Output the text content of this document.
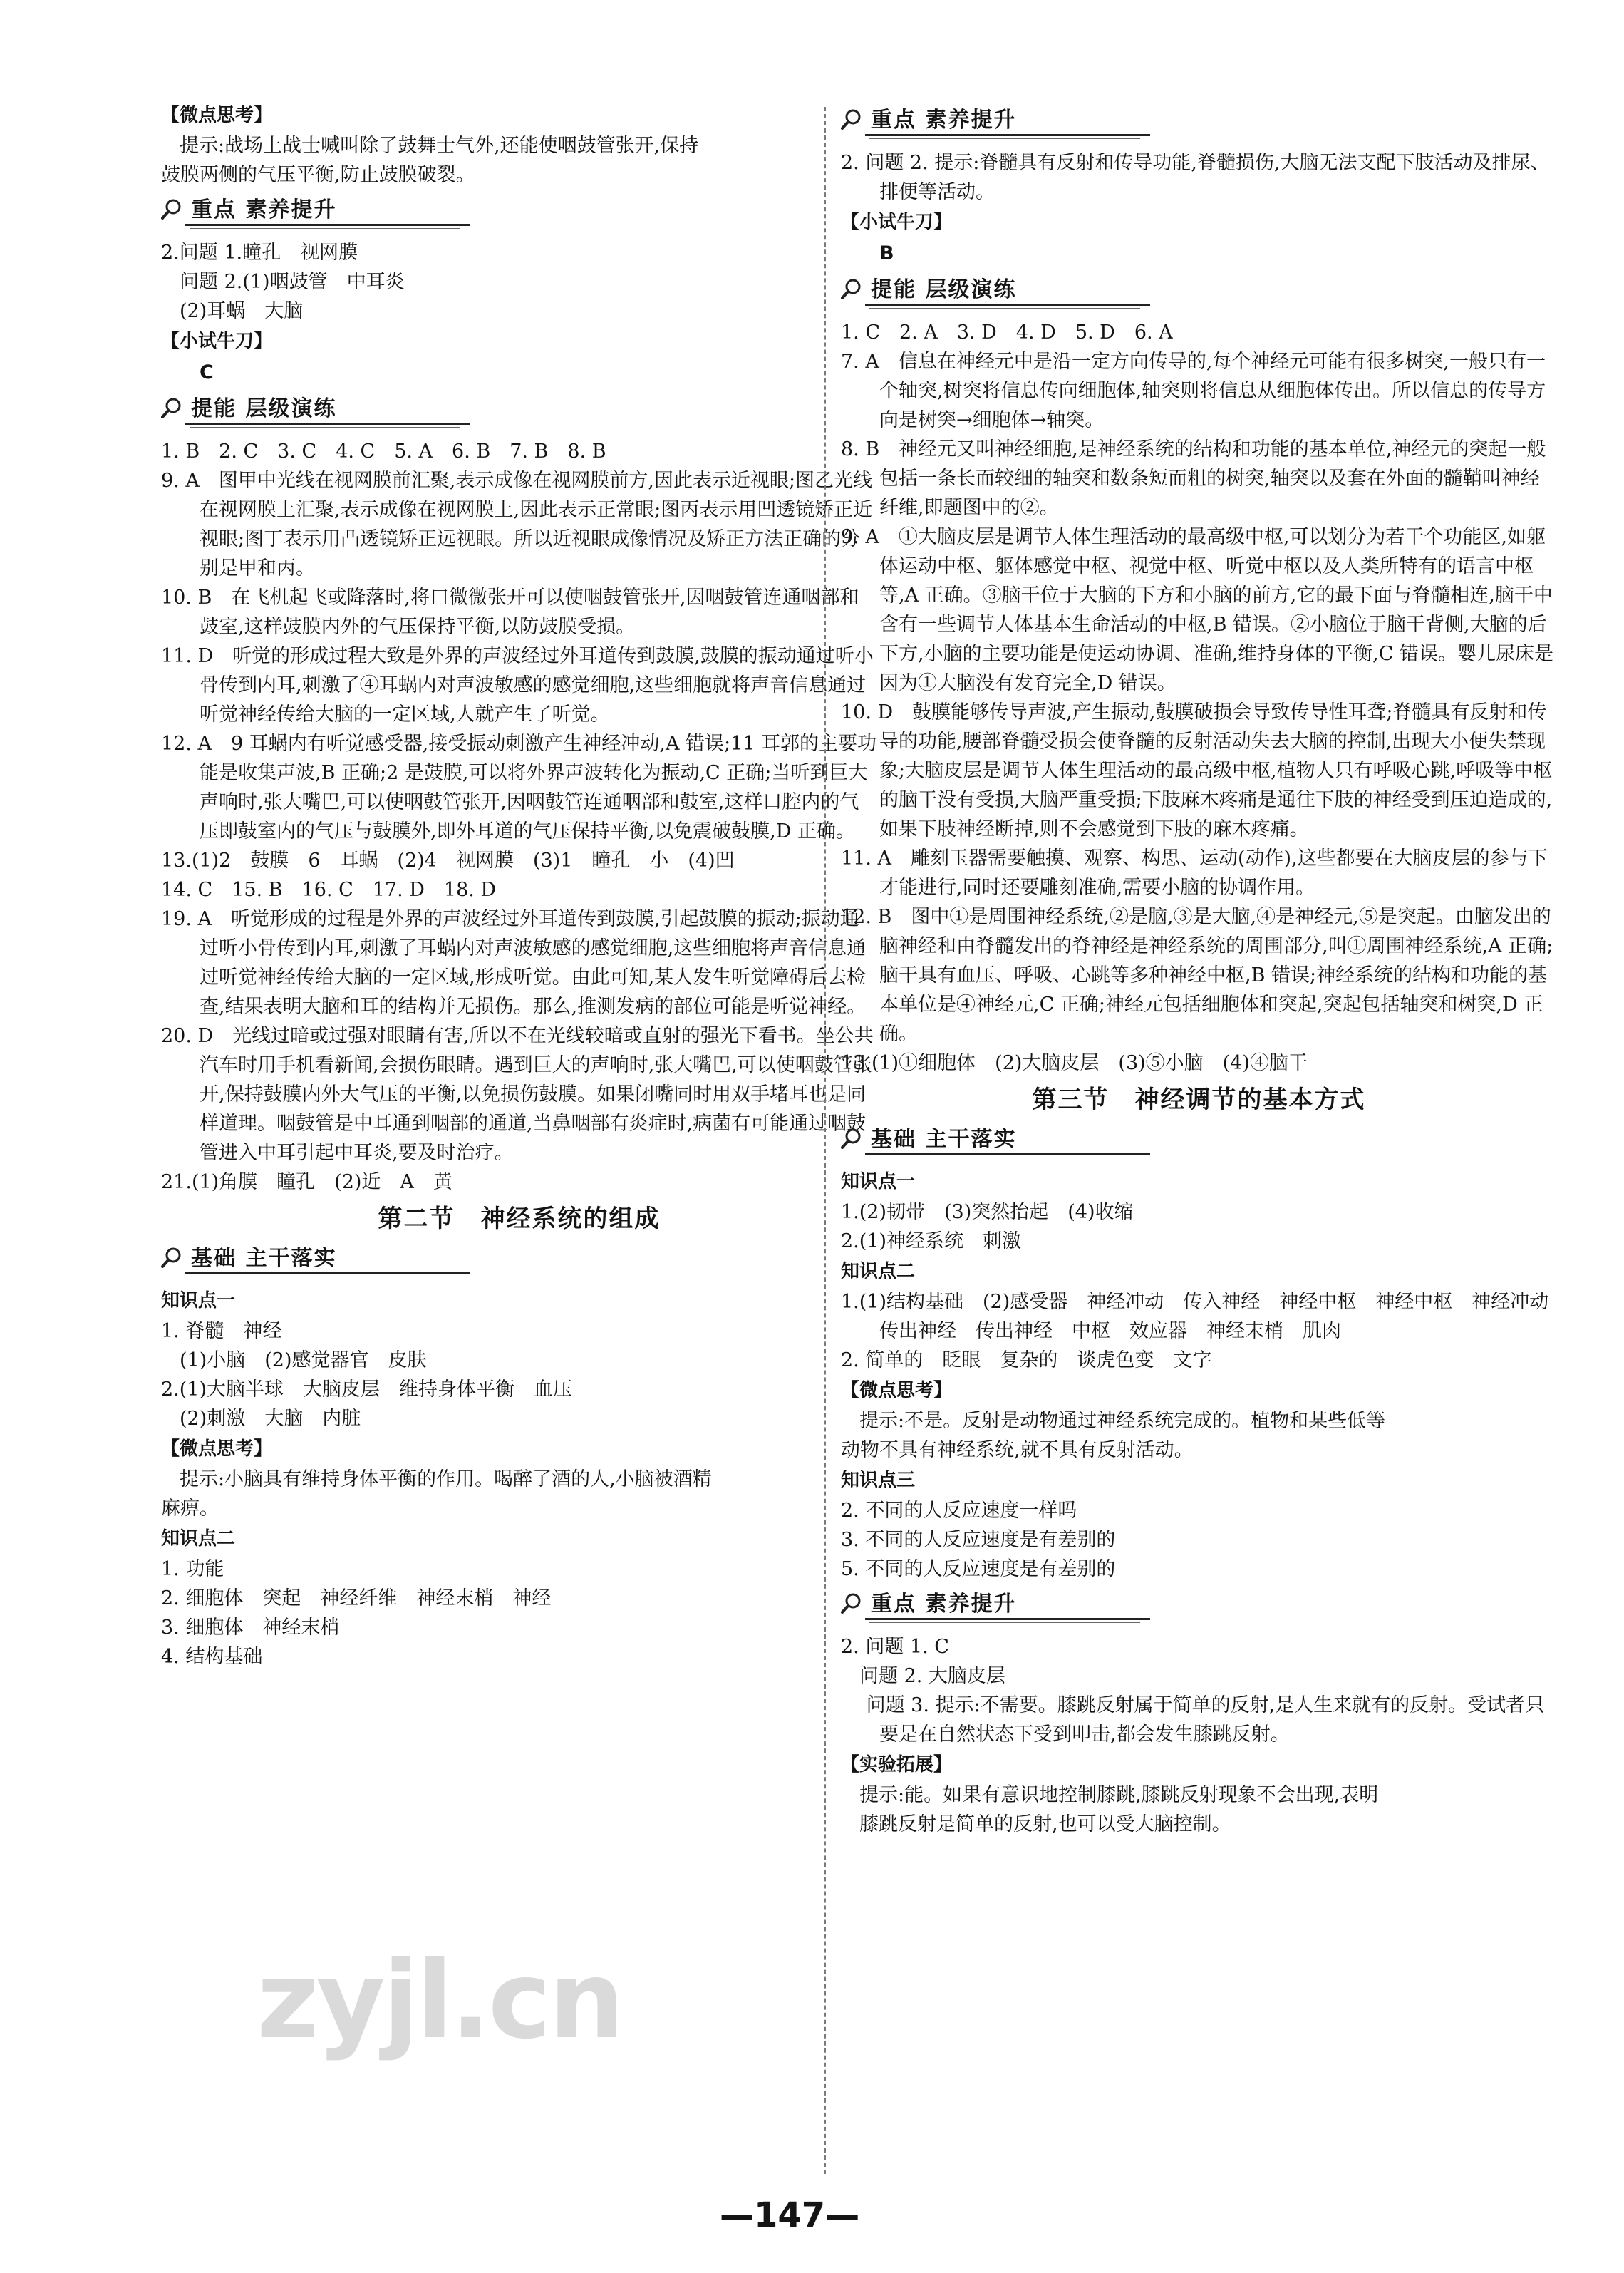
【微点思考】
提示:战场上战士喊叫除了鼓舞士气外,还能使咽鼓管张开,保持
鼓膜两侧的气压平衡,防止鼓膜破裂。
重点 素养提升
2.问题 1.瞳孔　视网膜
问题 2.(1)咽鼓管　中耳炎
(2)耳蜗　大脑
【小试牛刀】
C
提能 层级演练
1. B　2. C　3. C　4. C　5. A　6. B　7. B　8. B
9. A　图甲中光线在视网膜前汇聚,表示成像在视网膜前方,因此表示近视眼;图乙光线在视网膜上汇聚,表示成像在视网膜上,因此表示正常眼;图丙表示用凹透镜矫正近视眼;图丁表示用凸透镜矫正远视眼。所以近视眼成像情况及矫正方法正确的分别是甲和丙。
10. B　在飞机起飞或降落时,将口微微张开可以使咽鼓管张开,因咽鼓管连通咽部和鼓室,这样鼓膜内外的气压保持平衡,以防鼓膜受损。
11. D　听觉的形成过程大致是外界的声波经过外耳道传到鼓膜,鼓膜的振动通过听小骨传到内耳,刺激了④耳蜗内对声波敏感的感觉细胞,这些细胞就将声音信息通过听觉神经传给大脑的一定区域,人就产生了听觉。
12. A　9 耳蜗内有听觉感受器,接受振动刺激产生神经冲动,A 错误;11 耳郭的主要功能是收集声波,B 正确;2 是鼓膜,可以将外界声波转化为振动,C 正确;当听到巨大声响时,张大嘴巴,可以使咽鼓管张开,因咽鼓管连通咽部和鼓室,这样口腔内的气压即鼓室内的气压与鼓膜外,即外耳道的气压保持平衡,以免震破鼓膜,D 正确。
13.(1)2　鼓膜　6　耳蜗　(2)4　视网膜　(3)1　瞳孔　小　(4)凹
14. C　15. B　16. C　17. D　18. D
19. A　听觉形成的过程是外界的声波经过外耳道传到鼓膜,引起鼓膜的振动;振动通过听小骨传到内耳,刺激了耳蜗内对声波敏感的感觉细胞,这些细胞将声音信息通过听觉神经传给大脑的一定区域,形成听觉。由此可知,某人发生听觉障碍后去检查,结果表明大脑和耳的结构并无损伤。那么,推测发病的部位可能是听觉神经。
20. D　光线过暗或过强对眼睛有害,所以不在光线较暗或直射的强光下看书。坐公共汽车时用手机看新闻,会损伤眼睛。遇到巨大的声响时,张大嘴巴,可以使咽鼓管张开,保持鼓膜内外大气压的平衡,以免损伤鼓膜。如果闭嘴同时用双手堵耳也是同样道理。咽鼓管是中耳通到咽部的通道,当鼻咽部有炎症时,病菌有可能通过咽鼓管进入中耳引起中耳炎,要及时治疗。
21.(1)角膜　瞳孔　(2)近　A　黄
第二节　神经系统的组成
基础 主干落实
知识点一
1. 脊髓　神经
(1)小脑　(2)感觉器官　皮肤
2.(1)大脑半球　大脑皮层　维持身体平衡　血压
(2)刺激　大脑　内脏
【微点思考】
提示:小脑具有维持身体平衡的作用。喝醉了酒的人,小脑被酒精
麻痹。
知识点二
1. 功能
2. 细胞体　突起　神经纤维　神经末梢　神经
3. 细胞体　神经末梢
4. 结构基础
重点 素养提升
2. 问题 2. 提示:脊髓具有反射和传导功能,脊髓损伤,大脑无法支配下肢活动及排尿、排便等活动。
【小试牛刀】
B
提能 层级演练
1. C　2. A　3. D　4. D　5. D　6. A
7. A　信息在神经元中是沿一定方向传导的,每个神经元可能有很多树突,一般只有一个轴突,树突将信息传向细胞体,轴突则将信息从细胞体传出。所以信息的传导方向是树突→细胞体→轴突。
8. B　神经元又叫神经细胞,是神经系统的结构和功能的基本单位,神经元的突起一般包括一条长而较细的轴突和数条短而粗的树突,轴突以及套在外面的髓鞘叫神经纤维,即题图中的②。
9. A　①大脑皮层是调节人体生理活动的最高级中枢,可以划分为若干个功能区,如躯体运动中枢、躯体感觉中枢、视觉中枢、听觉中枢以及人类所特有的语言中枢等,A 正确。③脑干位于大脑的下方和小脑的前方,它的最下面与脊髓相连,脑干中含有一些调节人体基本生命活动的中枢,B 错误。②小脑位于脑干背侧,大脑的后下方,小脑的主要功能是使运动协调、准确,维持身体的平衡,C 错误。婴儿尿床是因为①大脑没有发育完全,D 错误。
10. D　鼓膜能够传导声波,产生振动,鼓膜破损会导致传导性耳聋;脊髓具有反射和传导的功能,腰部脊髓受损会使脊髓的反射活动失去大脑的控制,出现大小便失禁现象;大脑皮层是调节人体生理活动的最高级中枢,植物人只有呼吸心跳,呼吸等中枢的脑干没有受损,大脑严重受损;下肢麻木疼痛是通往下肢的神经受到压迫造成的,如果下肢神经断掉,则不会感觉到下肢的麻木疼痛。
11. A　雕刻玉器需要触摸、观察、构思、运动(动作),这些都要在大脑皮层的参与下才能进行,同时还要雕刻准确,需要小脑的协调作用。
12. B　图中①是周围神经系统,②是脑,③是大脑,④是神经元,⑤是突起。由脑发出的脑神经和由脊髓发出的脊神经是神经系统的周围部分,叫①周围神经系统,A 正确;脑干具有血压、呼吸、心跳等多种神经中枢,B 错误;神经系统的结构和功能的基本单位是④神经元,C 正确;神经元包括细胞体和突起,突起包括轴突和树突,D 正确。
13.(1)①细胞体　(2)大脑皮层　(3)⑤小脑　(4)④脑干
第三节　神经调节的基本方式
基础 主干落实
知识点一
1.(2)韧带　(3)突然抬起　(4)收缩
2.(1)神经系统　刺激
知识点二
1.(1)结构基础　(2)感受器　神经冲动　传入神经　神经中枢　神经中枢　神经冲动　传出神经　传出神经　中枢　效应器　神经末梢　肌肉
2. 简单的　眨眼　复杂的　谈虎色变　文字
【微点思考】
提示:不是。反射是动物通过神经系统完成的。植物和某些低等
动物不具有神经系统,就不具有反射活动。
知识点三
2. 不同的人反应速度一样吗
3. 不同的人反应速度是有差别的
5. 不同的人反应速度是有差别的
重点 素养提升
2. 问题 1. C
问题 2. 大脑皮层
　 问题 3. 提示:不需要。膝跳反射属于简单的反射,是人生来就有的反射。受试者只要是在自然状态下受到叩击,都会发生膝跳反射。
【实验拓展】
提示:能。如果有意识地控制膝跳,膝跳反射现象不会出现,表明
膝跳反射是简单的反射,也可以受大脑控制。
zyjl.cn
—147—
